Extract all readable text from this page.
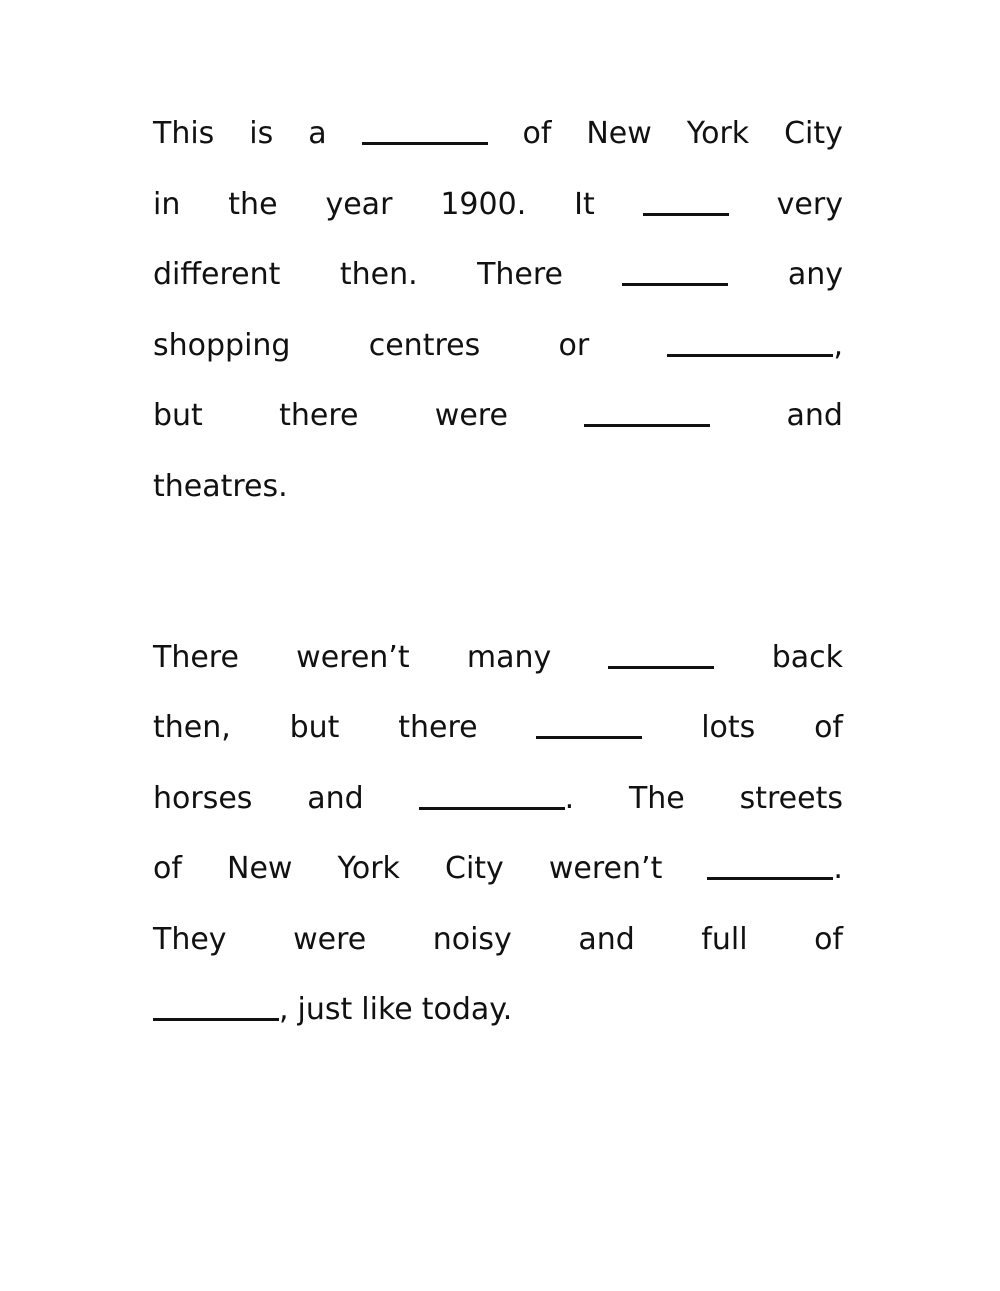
This is a	of New York City
in the year 1900. It	very
different then. There	any
shopping	centres	or	,
but	there	were	and
theatres.
There weren’t many	back
then, but there	lots of
horses and	. The streets
of New York City weren’t	.
They were noisy and full of
, just like today.
